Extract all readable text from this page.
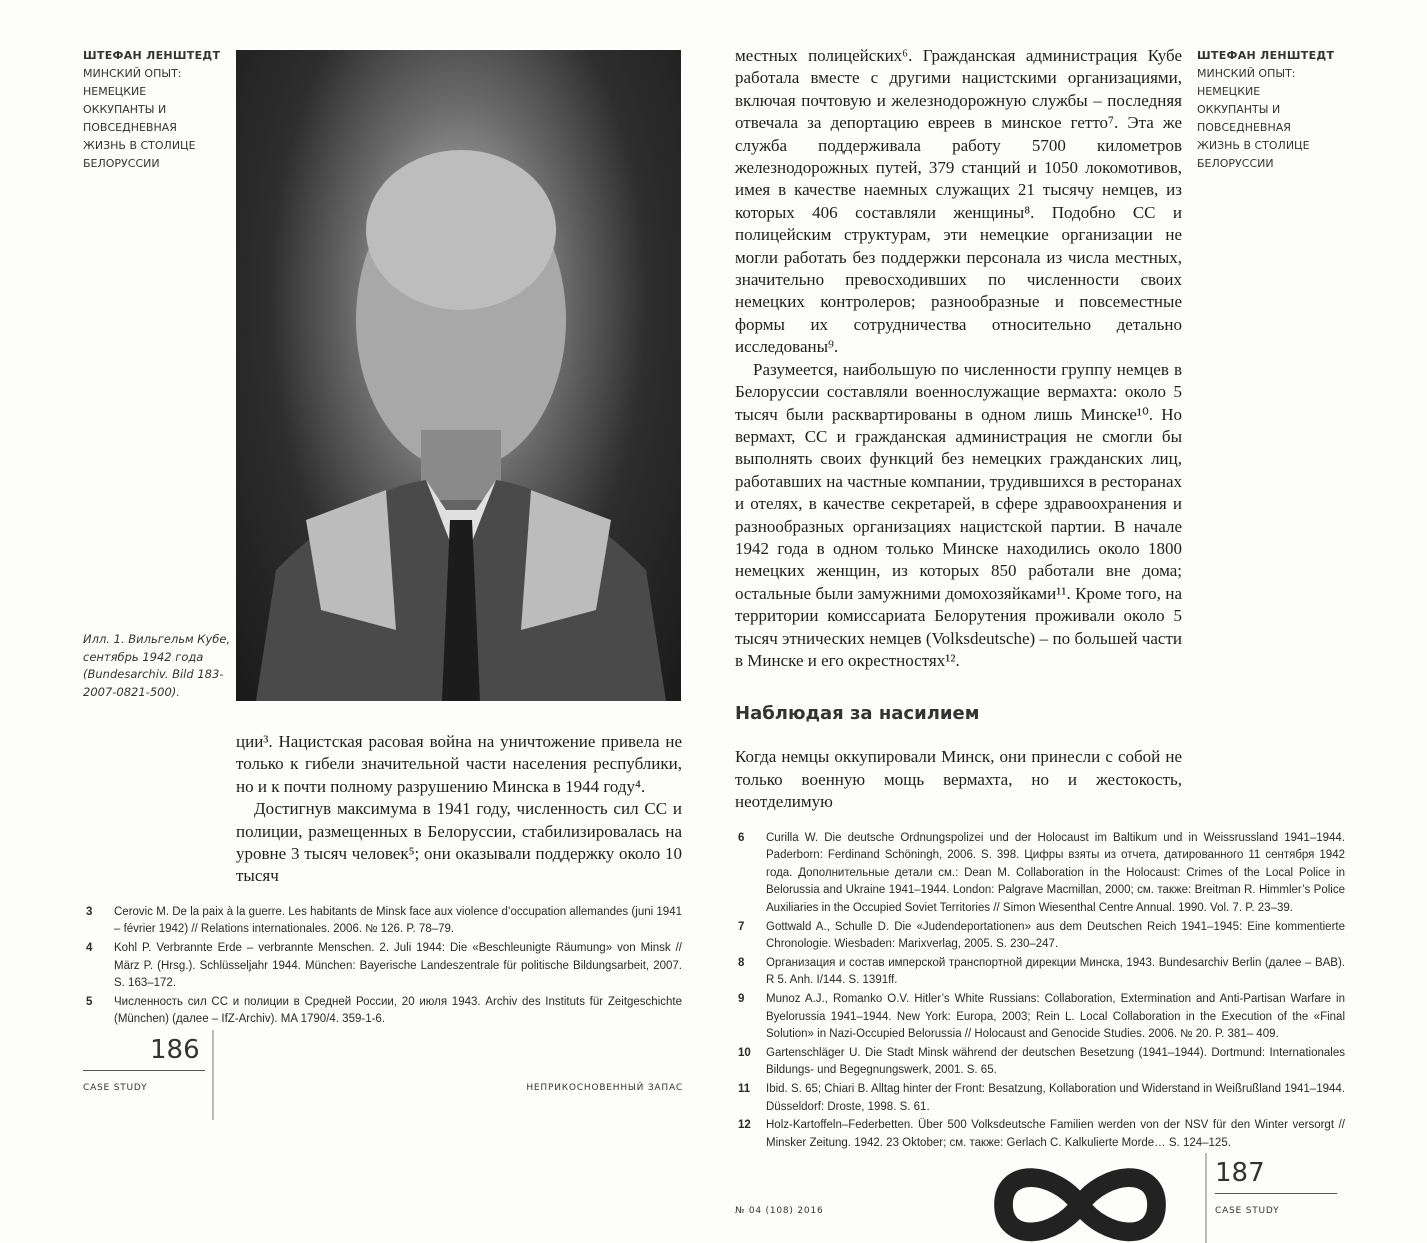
ШТЕФАН ЛЕНШТЕДТ
МИНСКИЙ ОПЫТ: НЕМЕЦКИЕ ОККУПАНТЫ И ПОВСЕДНЕВНАЯ ЖИЗНЬ В СТОЛИЦЕ БЕЛОРУССИИ
Илл. 1. Вильгельм Кубе, сентябрь 1942 года (Bundesarchiv. Bild 183-2007-0821-500).

ции³. Нацистская расовая война на уничтожение привела не только к гибели значительной части населения республики, но и к почти полному разрушению Минска в 1944 году⁴.

Достигнув максимума в 1941 году, численность сил СС и полиции, размещенных в Белоруссии, стабилизировалась на уровне 3 тысяч человек⁵; они оказывали поддержку около 10 тысяч

3	Cerovic M. De la paix à la guerre. Les habitants de Minsk face aux violence d’occupation allemandes (juni 1941 – février 1942) // Relations internationales. 2006. № 126. P. 78–79.
4	Kohl P. Verbrannte Erde – verbrannte Menschen. 2. Juli 1944: Die «Beschleunigte Räumung» von Minsk // März P. (Hrsg.). Schlüsseljahr 1944. München: Bayerische Landeszentrale für politische Bildungsarbeit, 2007. S. 163–172.
5	Численность сил СС и полиции в Средней России, 20 июля 1943. Archiv des Instituts für Zeitgeschichte (München) (далее – IfZ-Archiv). MA 1790/4. 359-1-6.
186
CASE STUDY	НЕПРИКОСНОВЕННЫЙ ЗАПАС
ШТЕФАН ЛЕНШТЕДТ
МИНСКИЙ ОПЫТ: НЕМЕЦКИЕ ОККУПАНТЫ И ПОВСЕДНЕВНАЯ ЖИЗНЬ В СТОЛИЦЕ БЕЛОРУССИИ

местных полицейских⁶. Гражданская администрация Кубе работала вместе с другими нацистскими организациями, включая почтовую и железнодорожную службы – последняя отвечала за депортацию евреев в минское гетто⁷. Эта же служба поддерживала работу 5700 километров железнодорожных путей, 379 станций и 1050 локомотивов, имея в качестве наемных служащих 21 тысячу немцев, из которых 406 составляли женщины⁸. Подобно СС и полицейским структурам, эти немецкие организации не могли работать без поддержки персонала из числа местных, значительно превосходивших по численности своих немецких контролеров; разнообразные и повсеместные формы их сотрудничества относительно детально исследованы⁹.

Разумеется, наибольшую по численности группу немцев в Белоруссии составляли военнослужащие вермахта: около 5 тысяч были расквартированы в одном лишь Минске¹⁰. Но вермахт, СС и гражданская администрация не смогли бы выполнять своих функций без немецких гражданских лиц, работавших на частные компании, трудившихся в ресторанах и отелях, в качестве секретарей, в сфере здравоохранения и разнообразных организациях нацистской партии. В начале 1942 года в одном только Минске находились около 1800 немецких женщин, из которых 850 работали вне дома; остальные были замужними домохозяйками¹¹. Кроме того, на территории комиссариата Белорутения проживали около 5 тысяч этнических немцев (Volksdeutsche) – по большей части в Минске и его окрестностях¹².

Наблюдая за насилием

Когда немцы оккупировали Минск, они принесли с собой не только военную мощь вермахта, но и жестокость, неотделимую

6	Curilla W. Die deutsche Ordnungspolizei und der Holocaust im Baltikum und in Weissrussland 1941–1944. Paderborn: Ferdinand Schöningh, 2006. S. 398. Цифры взяты из отчета, датированного 11 сентября 1942 года. Дополнительные детали см.: Dean M. Collaboration in the Holocaust: Crimes of the Local Police in Belorussia and Ukraine 1941–1944. London: Palgrave Macmillan, 2000; см. также: Breitman R. Himmler’s Police Auxiliaries in the Occupied Soviet Territories // Simon Wiesenthal Centre Annual. 1990. Vol. 7. P. 23–39.
7	Gottwald A., Schulle D. Die «Judendeportationen» aus dem Deutschen Reich 1941–1945: Eine kommentierte Chronologie. Wiesbaden: Marixverlag, 2005. S. 230–247.
8	Организация и состав имперской транспортной дирекции Минска, 1943. Bundesarchiv Berlin (далее – BAB). R 5. Anh. I/144. S. 1391ff.
9	Munoz A.J., Romanko O.V. Hitler’s White Russians: Collaboration, Extermination and Anti-Partisan Warfare in Byelorussia 1941–1944. New York: Europa, 2003; Rein L. Local Collaboration in the Execution of the «Final Solution» in Nazi-Occupied Belorussia // Holocaust and Genocide Studies. 2006. № 20. P. 381– 409.
10	Gartenschläger U. Die Stadt Minsk während der deutschen Besetzung (1941–1944). Dortmund: Internationales Bildungs- und Begegnungswerk, 2001. S. 65.
11	Ibid. S. 65; Chiari B. Alltag hinter der Front: Besatzung, Kollaboration und Widerstand in Weißrußland 1941–1944. Düsseldorf: Droste, 1998. S. 61.
12	Holz-Kartoffeln–Federbetten. Über 500 Volksdeutsche Familien werden von der NSV für den Winter versorgt // Minsker Zeitung. 1942. 23 Oktober; см. также: Gerlach C. Kalkulierte Morde… S. 124–125.
№ 04 (108) 2016
187
CASE STUDY
